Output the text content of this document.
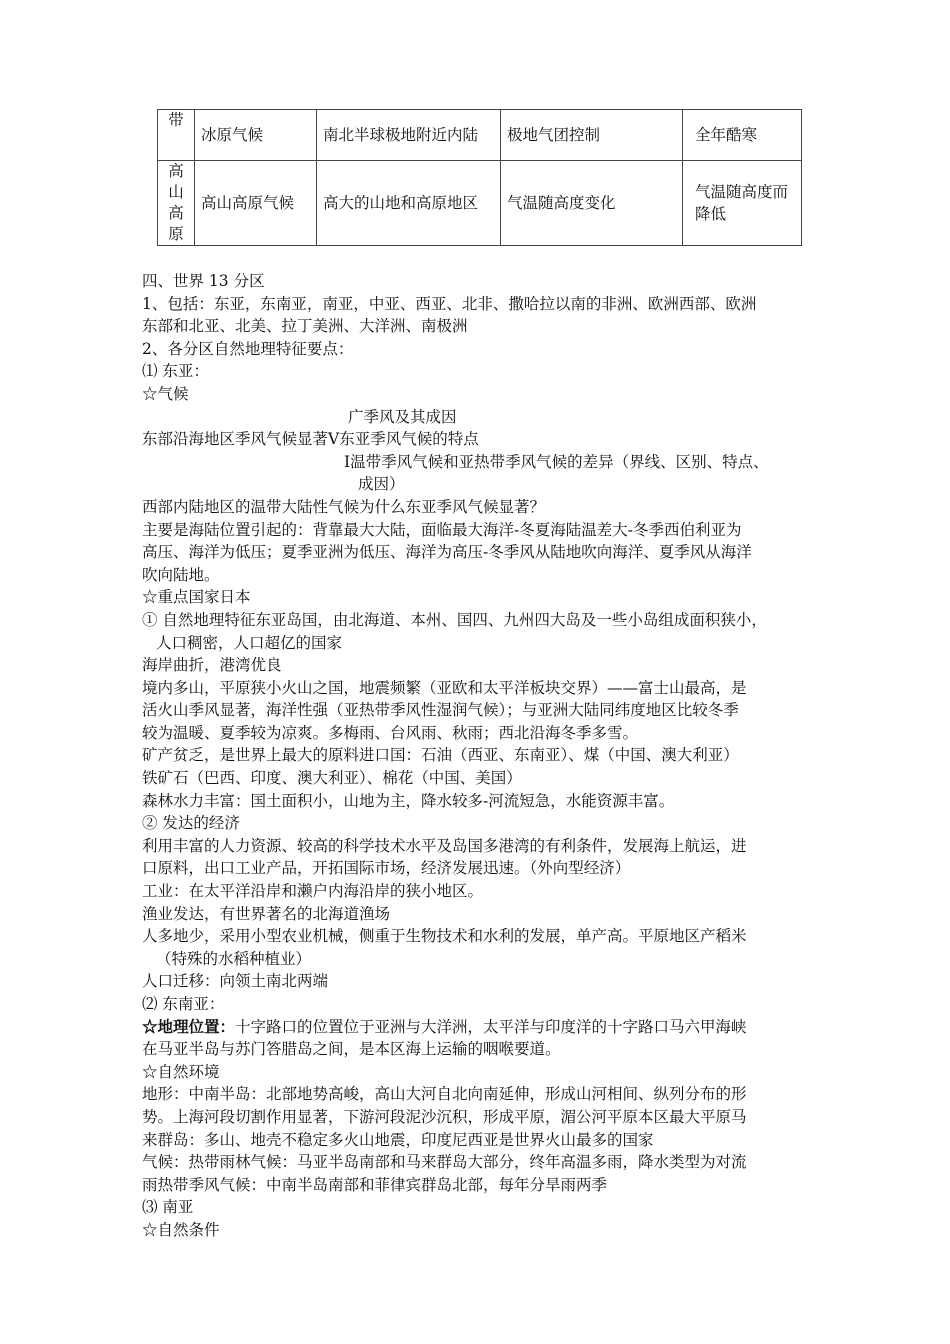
带	冰原气候	南北半球极地附近内陆	极地气团控制	全年酷寒

高
山
高
原	高山高原气候	高大的山地和高原地区	气温随高度变化	气温随高度而降低
四、世界 13 分区
1、包括：东亚，东南亚，南亚，中亚、西亚、北非、撒哈拉以南的非洲、欧洲西部、欧洲
东部和北亚、北美、拉丁美洲、大洋洲、南极洲
2、各分区自然地理特征要点：
⑴ 东亚：
☆气候
广季风及其成因
东部沿海地区季风气候显著Ⅴ东亚季风气候的特点
Ⅰ温带季风气候和亚热带季风气候的差异（界线、区别、特点、
成因）
西部内陆地区的温带大陆性气候为什么东亚季风气候显著？
主要是海陆位置引起的：背靠最大大陆，面临最大海洋-冬夏海陆温差大-冬季西伯利亚为
高压、海洋为低压；夏季亚洲为低压、海洋为高压-冬季风从陆地吹向海洋、夏季风从海洋
吹向陆地。
☆重点国家日本
① 自然地理特征东亚岛国，由北海道、本州、国四、九州四大岛及一些小岛组成面积狭小，
人口稠密，人口超亿的国家
海岸曲折，港湾优良
境内多山，平原狭小火山之国，地震频繁（亚欧和太平洋板块交界）——富士山最高，是
活火山季风显著，海洋性强（亚热带季风性湿润气候）；与亚洲大陆同纬度地区比较冬季
较为温暖、夏季较为凉爽。多梅雨、台风雨、秋雨；西北沿海冬季多雪。
矿产贫乏，是世界上最大的原料进口国：石油（西亚、东南亚）、煤（中国、澳大利亚）
铁矿石（巴西、印度、澳大利亚）、棉花（中国、美国）
森林水力丰富：国土面积小，山地为主，降水较多-河流短急，水能资源丰富。
② 发达的经济
利用丰富的人力资源、较高的科学技术水平及岛国多港湾的有利条件，发展海上航运，进
口原料，出口工业产品，开拓国际市场，经济发展迅速。（外向型经济）
工业：在太平洋沿岸和濑户内海沿岸的狭小地区。
渔业发达，有世界著名的北海道渔场
人多地少，采用小型农业机械，侧重于生物技术和水利的发展，单产高。平原地区产稻米
（特殊的水稻种植业）
人口迁移：向领土南北两端
⑵ 东南亚：
☆地理位置：十字路口的位置位于亚洲与大洋洲，太平洋与印度洋的十字路口马六甲海峡
在马亚半岛与苏门答腊岛之间，是本区海上运输的咽喉要道。
☆自然环境
地形：中南半岛：北部地势高峻，高山大河自北向南延伸，形成山河相间、纵列分布的形
势。上海河段切割作用显著，下游河段泥沙沉积，形成平原，湄公河平原本区最大平原马
来群岛：多山、地壳不稳定多火山地震，印度尼西亚是世界火山最多的国家
气候：热带雨林气候：马亚半岛南部和马来群岛大部分，终年高温多雨，降水类型为对流
雨热带季风气候：中南半岛南部和菲律宾群岛北部，每年分旱雨两季
⑶ 南亚
☆自然条件
